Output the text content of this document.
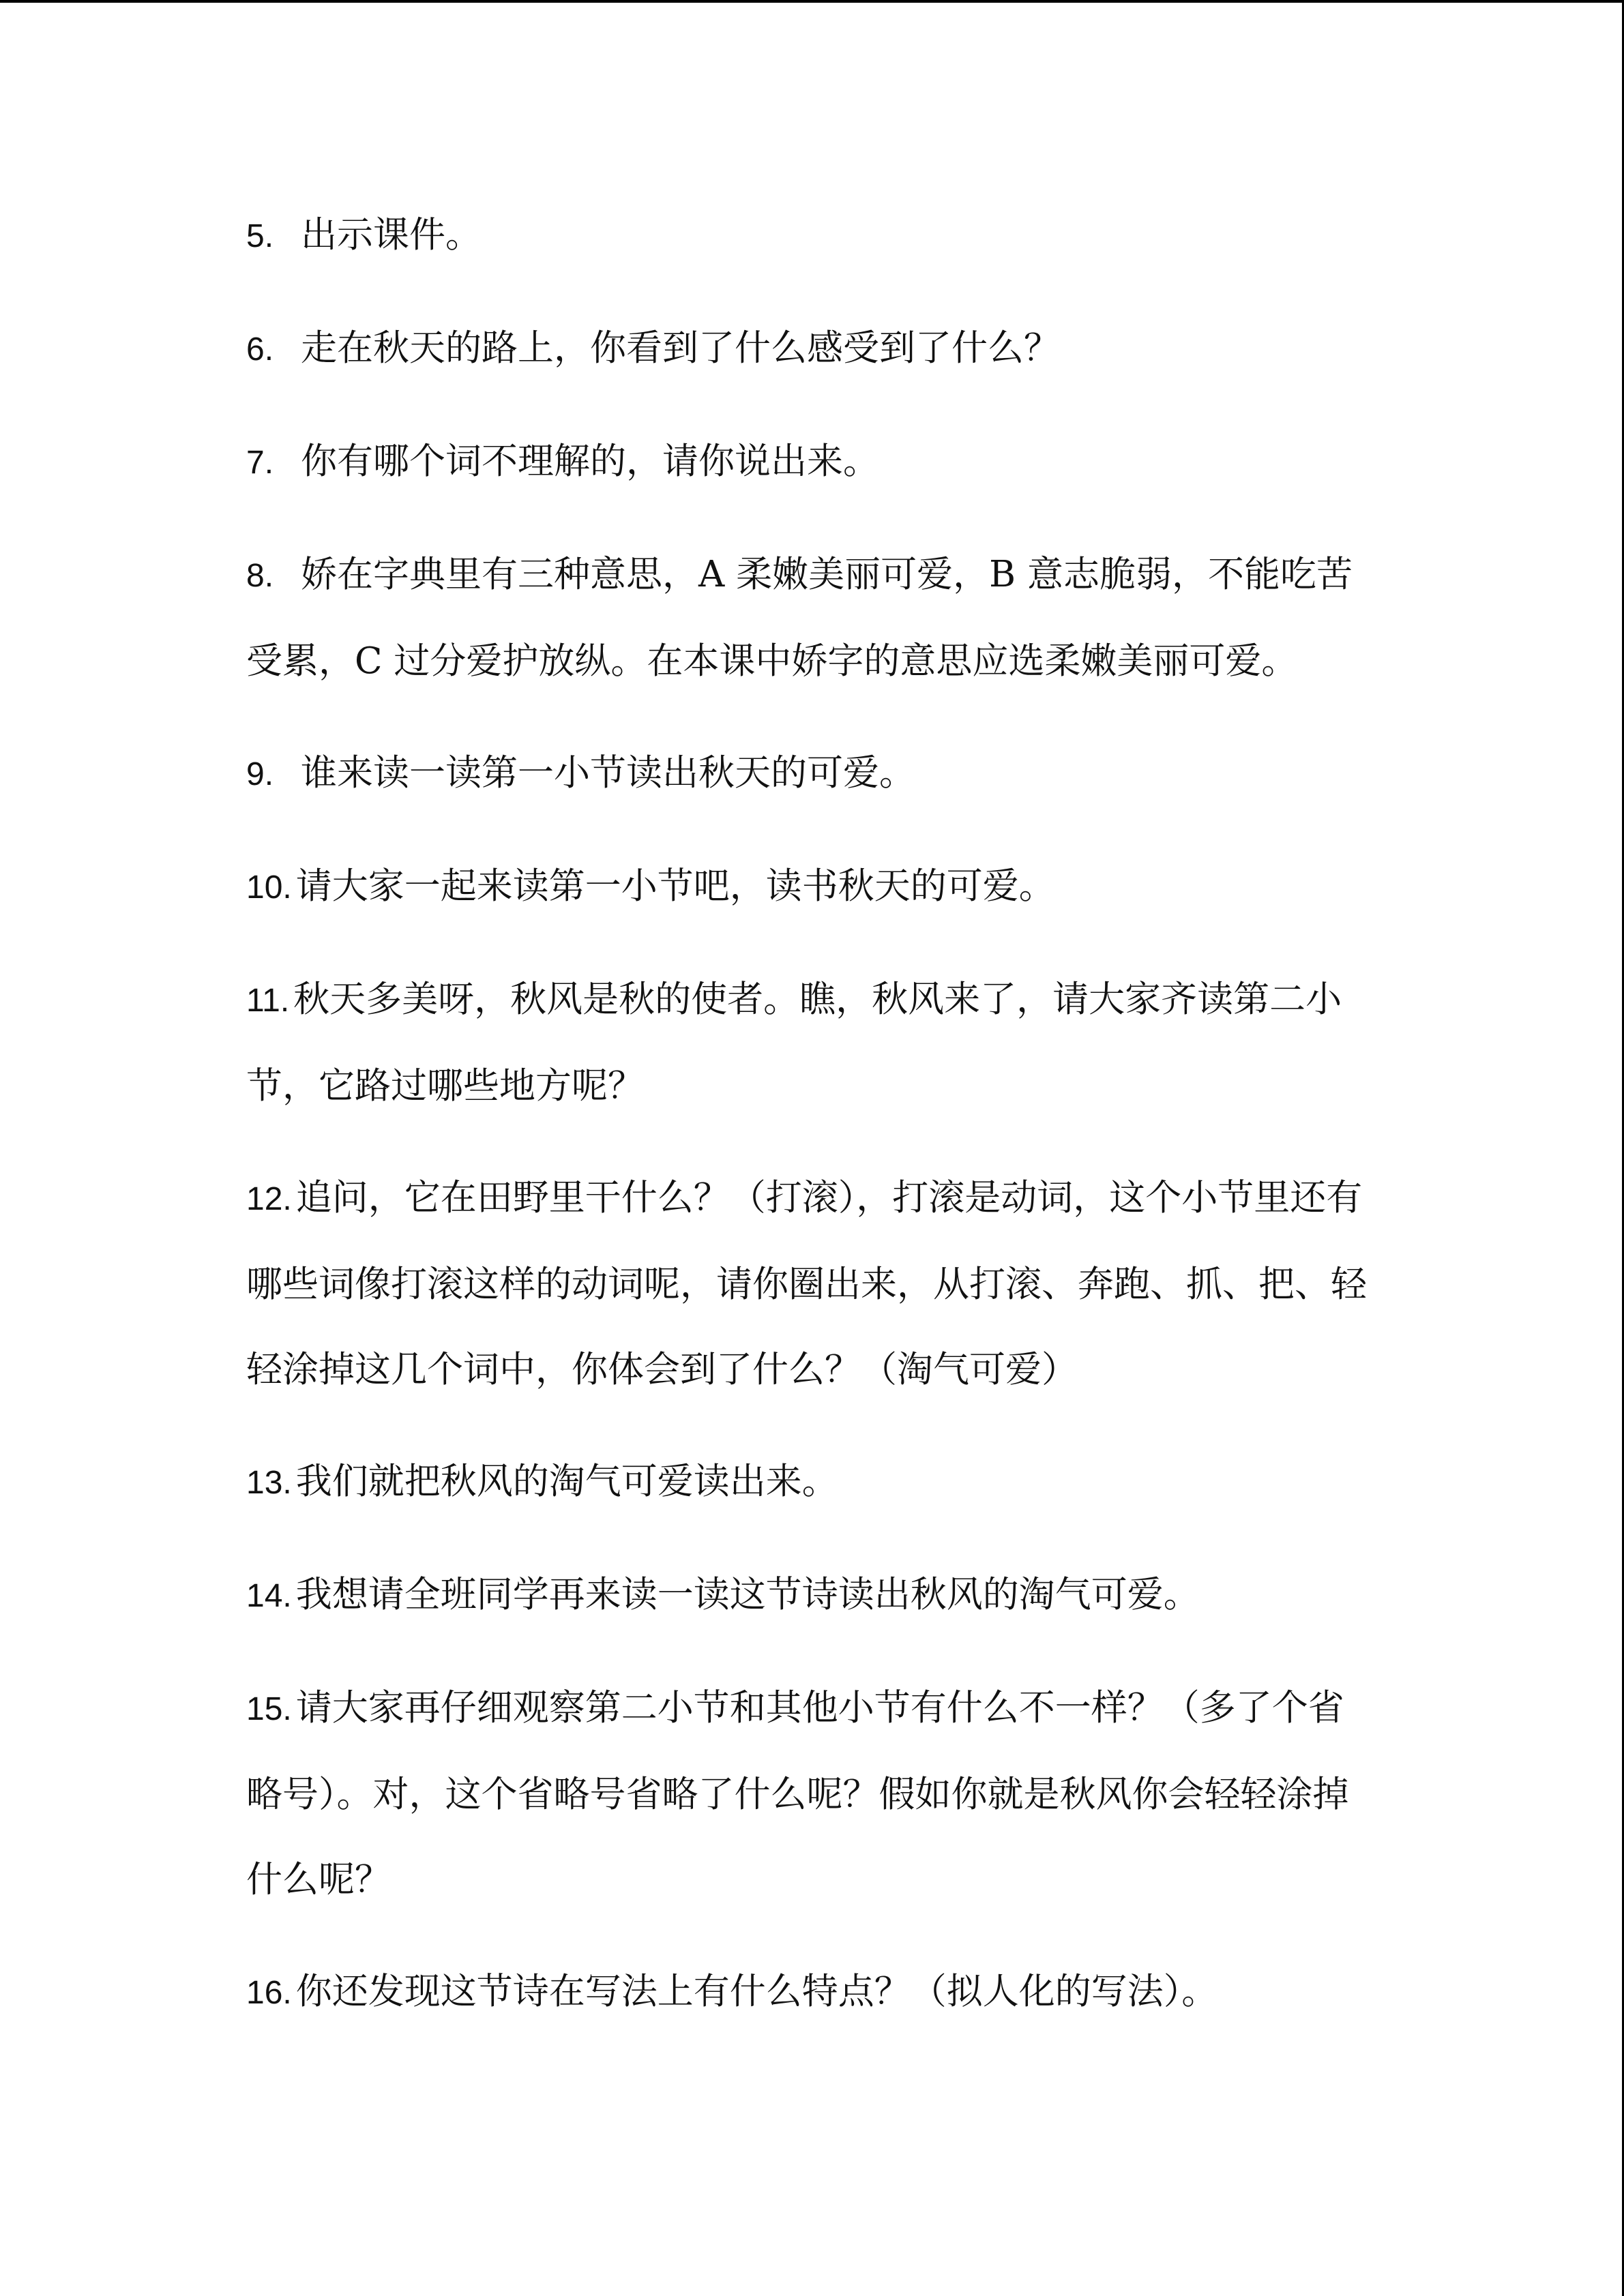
5. 出示课件。
6. 走在秋天的路上，你看到了什么感受到了什么？
7. 你有哪个词不理解的，请你说出来。
8. 娇在字典里有三种意思，A 柔嫩美丽可爱，B 意志脆弱，不能吃苦受累，C 过分爱护放纵。在本课中娇字的意思应选柔嫩美丽可爱。
9. 谁来读一读第一小节读出秋天的可爱。
10. 请大家一起来读第一小节吧，读书秋天的可爱。
11. 秋天多美呀，秋风是秋的使者。瞧，秋风来了，请大家齐读第二小节，它路过哪些地方呢？
12. 追问，它在田野里干什么？（打滚），打滚是动词，这个小节里还有哪些词像打滚这样的动词呢，请你圈出来，从打滚、奔跑、抓、把、轻轻涂掉这几个词中，你体会到了什么？（淘气可爱）
13. 我们就把秋风的淘气可爱读出来。
14. 我想请全班同学再来读一读这节诗读出秋风的淘气可爱。
15. 请大家再仔细观察第二小节和其他小节有什么不一样？（多了个省略号）。对，这个省略号省略了什么呢？假如你就是秋风你会轻轻涂掉什么呢？
16. 你还发现这节诗在写法上有什么特点？（拟人化的写法）。
